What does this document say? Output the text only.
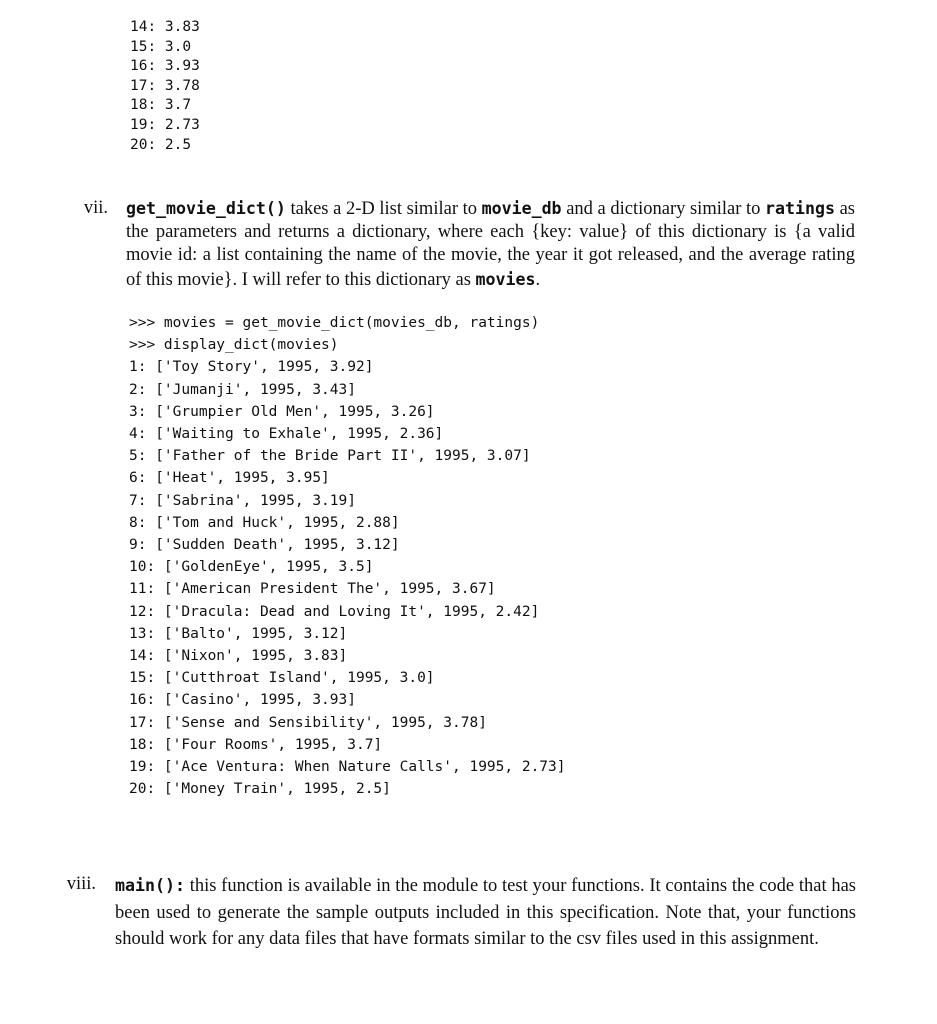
14: 3.83
15: 3.0
16: 3.93
17: 3.78
18: 3.7
19: 2.73
20: 2.5
vii. get_movie_dict() takes a 2-D list similar to movie_db and a dictionary similar to ratings as the parameters and returns a dictionary, where each {key: value} of this dictionary is {a valid movie id: a list containing the name of the movie, the year it got released, and the average rating of this movie}. I will refer to this dictionary as movies.
>>> movies = get_movie_dict(movies_db, ratings)
>>> display_dict(movies)
1: ['Toy Story', 1995, 3.92]
2: ['Jumanji', 1995, 3.43]
3: ['Grumpier Old Men', 1995, 3.26]
4: ['Waiting to Exhale', 1995, 2.36]
5: ['Father of the Bride Part II', 1995, 3.07]
6: ['Heat', 1995, 3.95]
7: ['Sabrina', 1995, 3.19]
8: ['Tom and Huck', 1995, 2.88]
9: ['Sudden Death', 1995, 3.12]
10: ['GoldenEye', 1995, 3.5]
11: ['American President The', 1995, 3.67]
12: ['Dracula: Dead and Loving It', 1995, 2.42]
13: ['Balto', 1995, 3.12]
14: ['Nixon', 1995, 3.83]
15: ['Cutthroat Island', 1995, 3.0]
16: ['Casino', 1995, 3.93]
17: ['Sense and Sensibility', 1995, 3.78]
18: ['Four Rooms', 1995, 3.7]
19: ['Ace Ventura: When Nature Calls', 1995, 2.73]
20: ['Money Train', 1995, 2.5]
viii. main(): this function is available in the module to test your functions. It contains the code that has been used to generate the sample outputs included in this specification. Note that, your functions should work for any data files that have formats similar to the csv files used in this assignment.
